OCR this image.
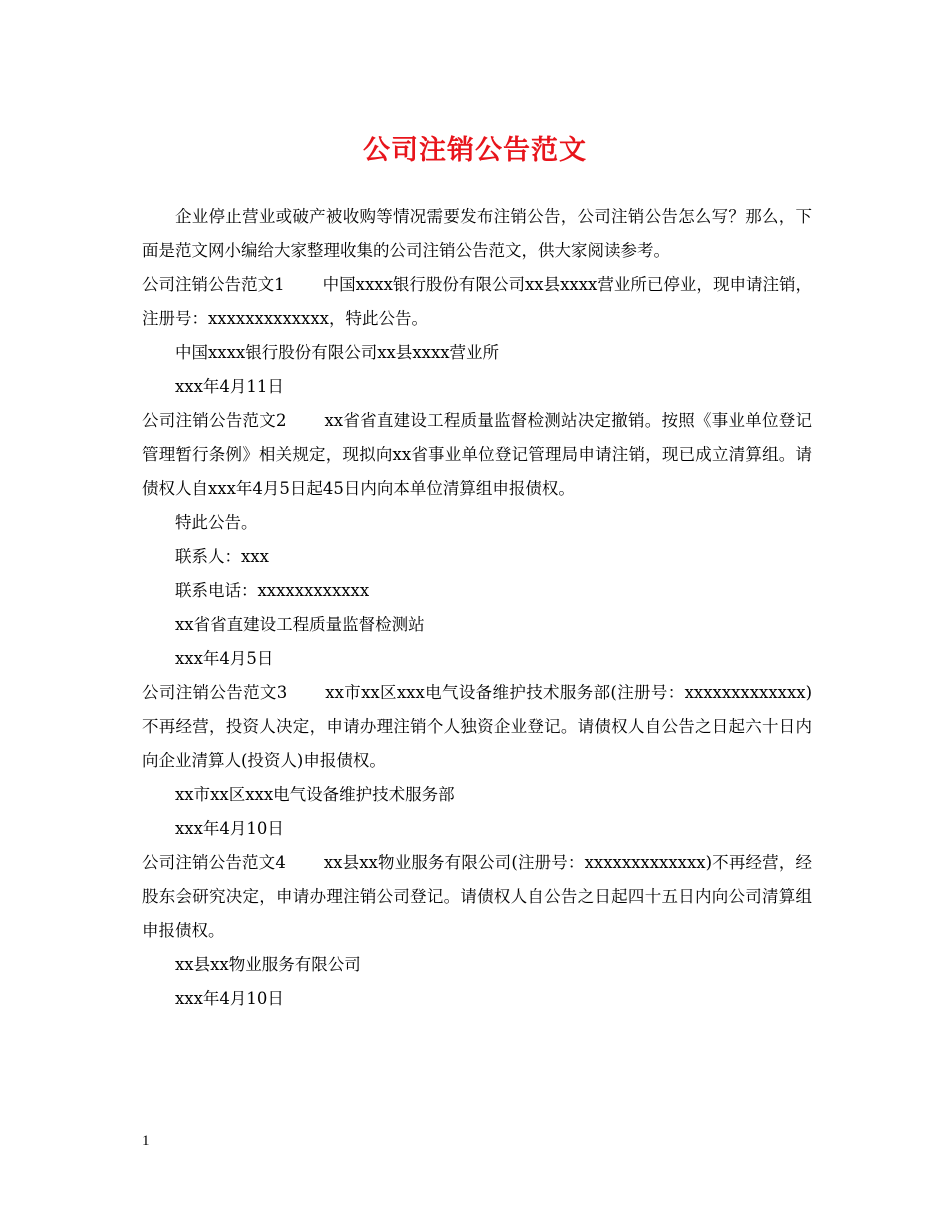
公司注销公告范文

企业停止营业或破产被收购等情况需要发布注销公告，公司注销公告怎么写？那么，下面是范文网小编给大家整理收集的公司注销公告范文，供大家阅读参考。

公司注销公告范文1 中国xxxx银行股份有限公司xx县xxxx营业所已停业，现申请注销，注册号：xxxxxxxxxxxxx，特此公告。

中国xxxx银行股份有限公司xx县xxxx营业所

xxx年4月11日

公司注销公告范文2 xx省省直建设工程质量监督检测站决定撤销。按照《事业单位登记管理暂行条例》相关规定，现拟向xx省事业单位登记管理局申请注销，现已成立清算组。请债权人自xxx年4月5日起45日内向本单位清算组申报债权。

特此公告。

联系人：xxx

联系电话：xxxxxxxxxxxx

xx省省直建设工程质量监督检测站

xxx年4月5日

公司注销公告范文3 xx市xx区xxx电气设备维护技术服务部(注册号：xxxxxxxxxxxxx)不再经营，投资人决定，申请办理注销个人独资企业登记。请债权人自公告之日起六十日内向企业清算人(投资人)申报债权。

xx市xx区xxx电气设备维护技术服务部

xxx年4月10日

公司注销公告范文4 xx县xx物业服务有限公司(注册号：xxxxxxxxxxxxx)不再经营，经股东会研究决定，申请办理注销公司登记。请债权人自公告之日起四十五日内向公司清算组申报债权。

xx县xx物业服务有限公司

xxx年4月10日

1
